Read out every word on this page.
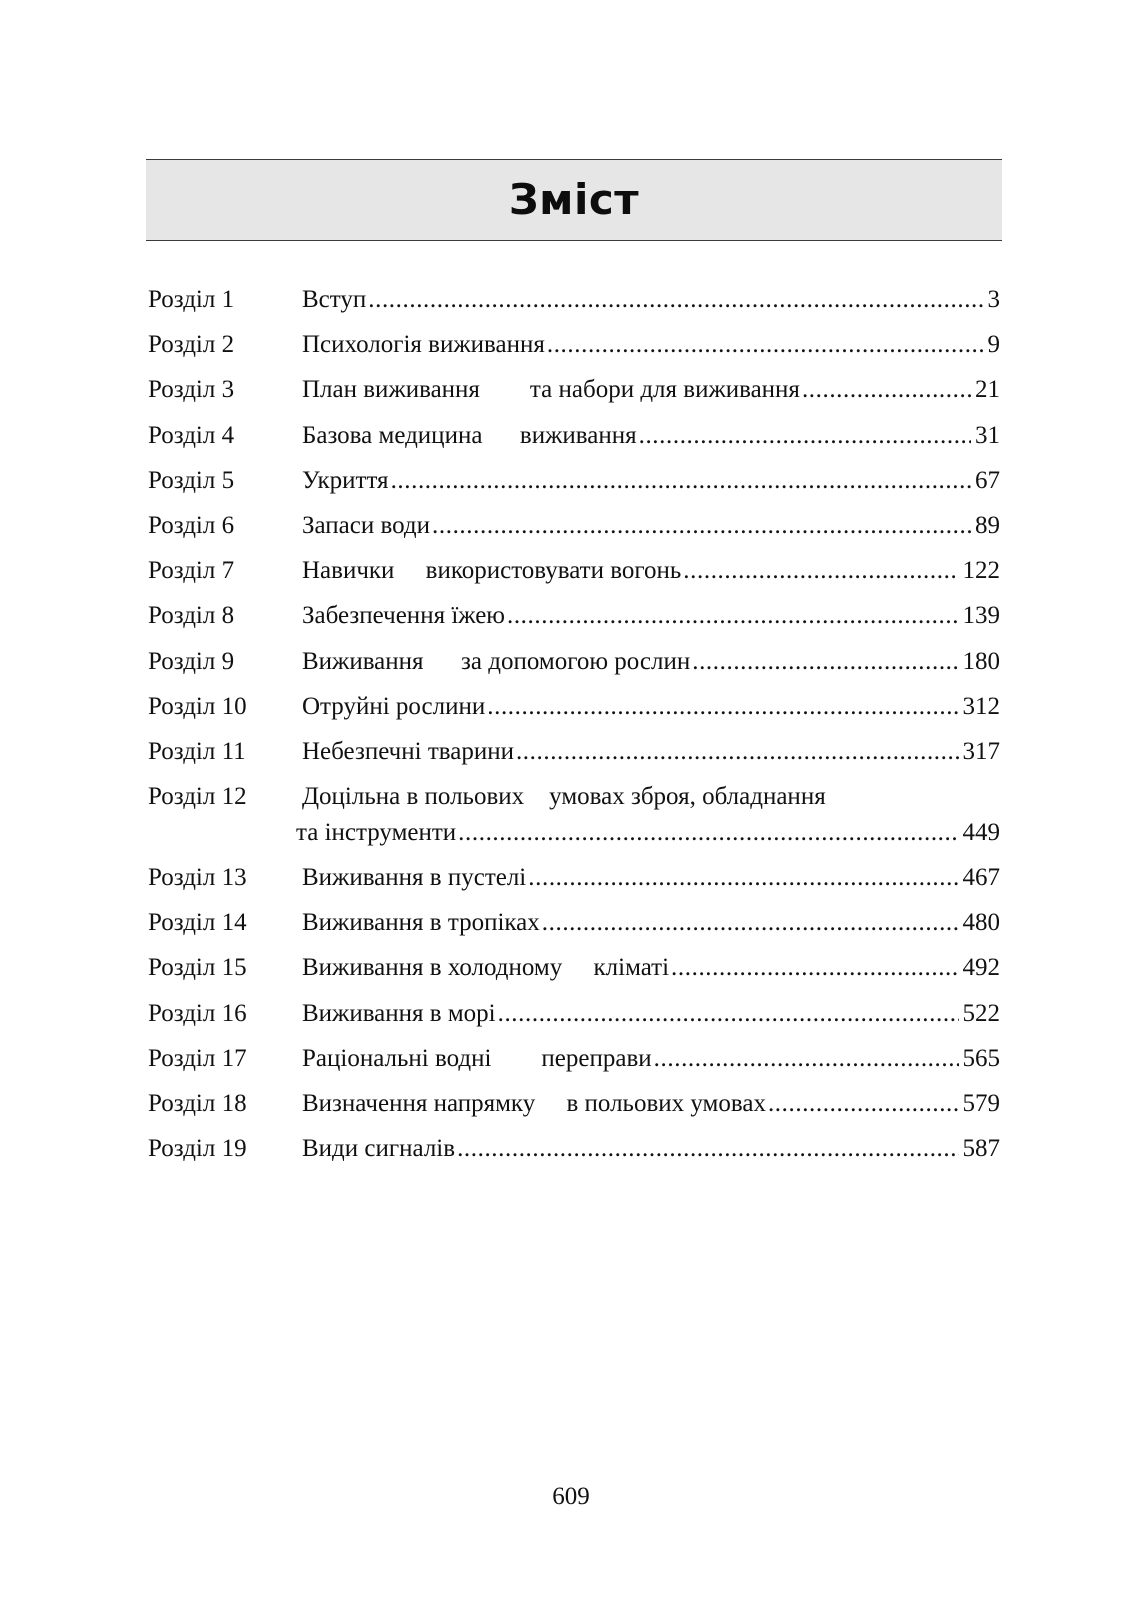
Зміст
Розділ 1	Вступ .....	3
Розділ 2	Психологія виживання .....	9
Розділ 3	План виживання        та набори для виживання .....	21
Розділ 4	Базова медицина      виживання .....	31
Розділ 5	Укриття .....	67
Розділ 6	Запаси води .....	89
Розділ 7	Навички     використовувати вогонь .....	122
Розділ 8	Забезпечення їжею .....	139
Розділ 9	Виживання      за допомогою рослин .....	180
Розділ 10 Отруйні рослини .....	312
Розділ 11 Небезпечні тварини .....	317
Розділ 12 Доцільна в польових    умовах зброя, обладнання
та інструменти .....	449
Розділ 13 Виживання в пустелі .....	467
Розділ 14 Виживання в тропіках .....	480
Розділ 15 Виживання в холодному     кліматі .....	492
Розділ 16 Виживання в морі .....	522
Розділ 17 Раціональні водні        переправи .....	565
Розділ 18 Визначення напрямку     в польових умовах .....	579
Розділ 19 Види сигналів .....	587
609
